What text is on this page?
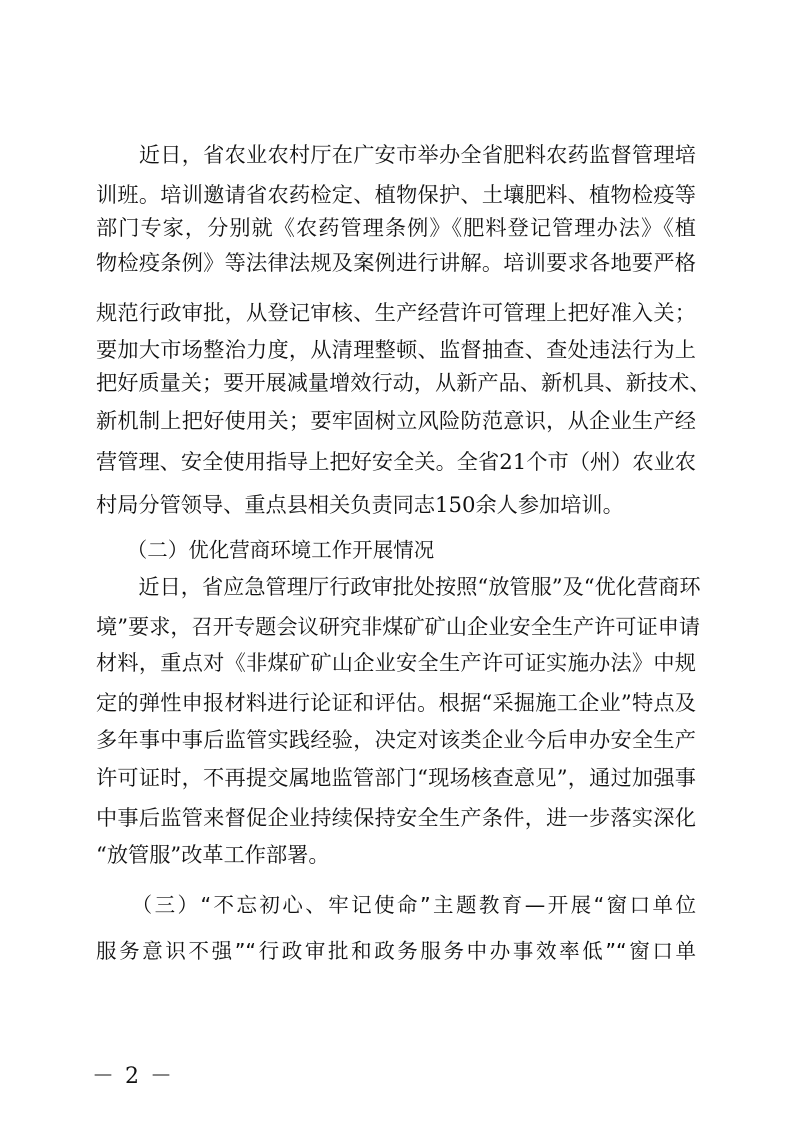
　　近日，省农业农村厅在广安市举办全省肥料农药监督管理培
训班。培训邀请省农药检定、植物保护、土壤肥料、植物检疫等
部门专家，分别就《农药管理条例》《肥料登记管理办法》《植
物检疫条例》等法律法规及案例进行讲解。培训要求各地要严格
规范行政审批，从登记审核、生产经营许可管理上把好准入关；
要加大市场整治力度，从清理整顿、监督抽查、查处违法行为上
把好质量关；要开展减量增效行动，从新产品、新机具、新技术、
新机制上把好使用关；要牢固树立风险防范意识，从企业生产经
营管理、安全使用指导上把好安全关。全省21个市（州）农业农
村局分管领导、重点县相关负责同志150余人参加培训。
　　（二）优化营商环境工作开展情况
　　近日，省应急管理厅行政审批处按照“放管服”及“优化营商环
境”要求，召开专题会议研究非煤矿矿山企业安全生产许可证申请
材料，重点对《非煤矿矿山企业安全生产许可证实施办法》中规
定的弹性申报材料进行论证和评估。根据“采掘施工企业”特点及
多年事中事后监管实践经验，决定对该类企业今后申办安全生产
许可证时，不再提交属地监管部门“现场核查意见”，通过加强事
中事后监管来督促企业持续保持安全生产条件，进一步落实深化
“放管服”改革工作部署。
　　（三）“不忘初心、牢记使命”主题教育—开展“窗口单位
服务意识不强”“行政审批和政务服务中办事效率低”“窗口单
－ 2 －
